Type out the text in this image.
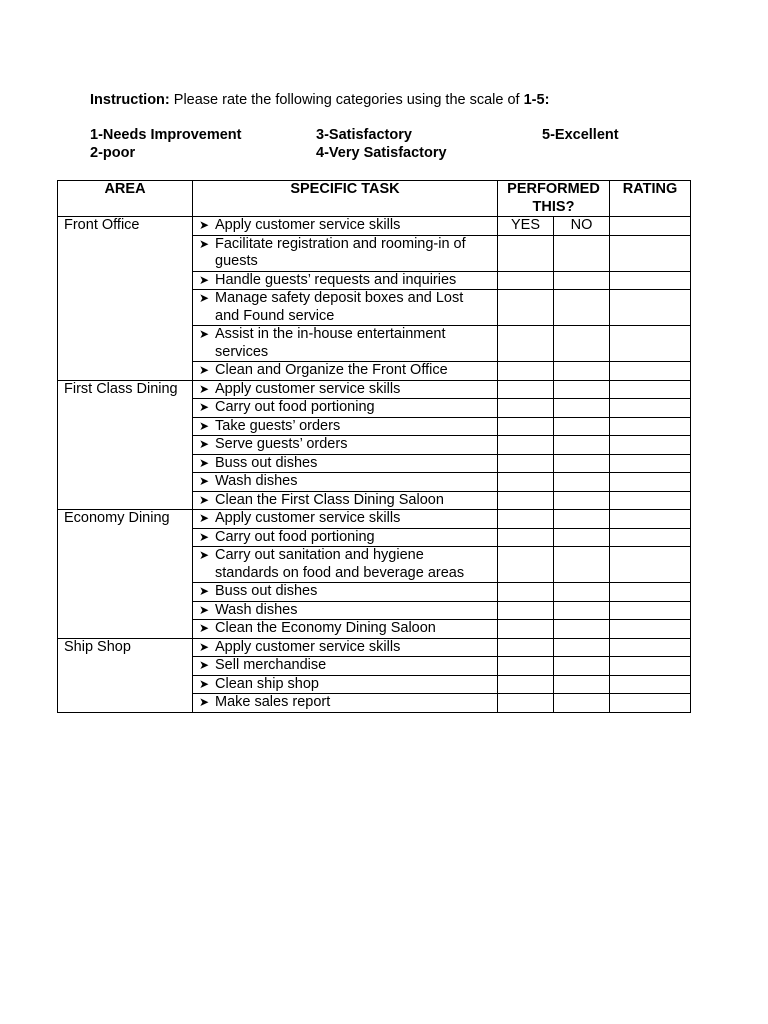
Instruction: Please rate the following categories using the scale of 1-5:
1-Needs Improvement
2-poor
3-Satisfactory
4-Very Satisfactory
5-Excellent
AREA	SPECIFIC TASK	PERFORMED THIS?		RATING
Front Office	➤ Apply customer service skills	YES	NO	

	➤ Facilitate registration and rooming-in of guests			

	➤ Handle guests’ requests and inquiries			

	➤ Manage safety deposit boxes and Lost and Found service			

	➤ Assist in the in-house entertainment services			

	➤ Clean and Organize the Front Office			

First Class Dining	➤ Apply customer service skills			

	➤ Carry out food portioning			

	➤ Take guests’ orders			

	➤ Serve guests’ orders			

	➤ Buss out dishes			

	➤ Wash dishes			

	➤ Clean the First Class Dining Saloon			

Economy Dining	➤ Apply customer service skills			

	➤ Carry out food portioning			

	➤ Carry out sanitation and hygiene standards on food and beverage areas			

	➤ Buss out dishes			

	➤ Wash dishes			

	➤ Clean the Economy Dining Saloon			

Ship Shop	➤ Apply customer service skills			

	➤ Sell merchandise			

	➤ Clean ship shop			

	➤ Make sales report			
